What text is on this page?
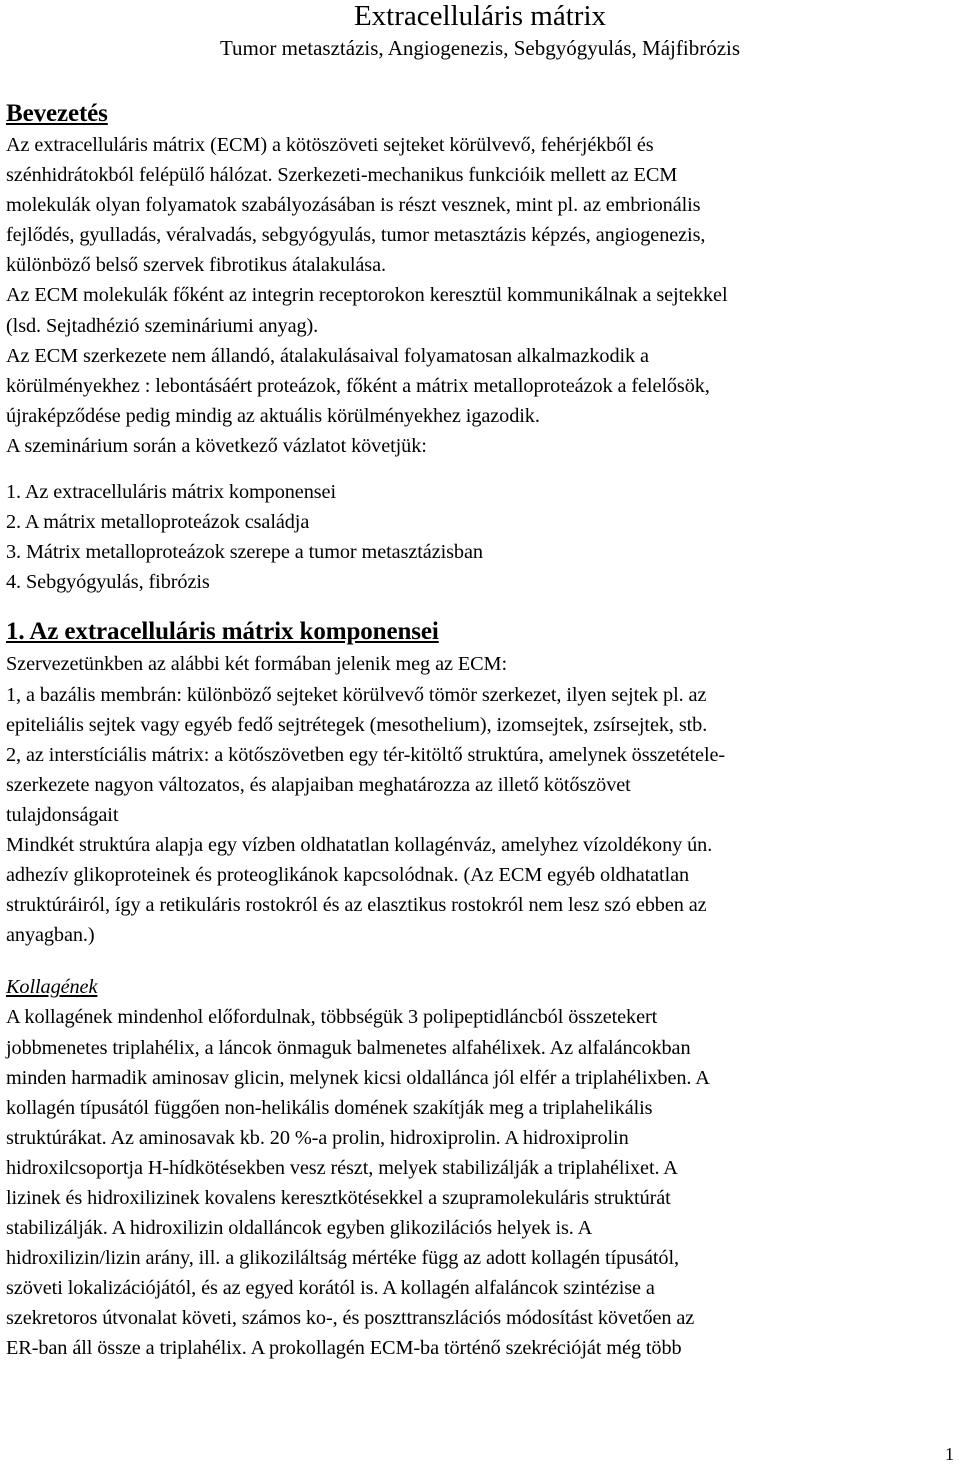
Extracelluláris mátrix
Tumor metasztázis, Angiogenezis, Sebgyógyulás, Májfibrózis
Bevezetés
Az extracelluláris mátrix (ECM) a kötöszöveti sejteket körülvevő, fehérjékből és
szénhidrátokból felépülő hálózat. Szerkezeti-mechanikus funkcióik mellett az ECM
molekulák olyan folyamatok szabályozásában is részt vesznek, mint pl. az embrionális
fejlődés, gyulladás, véralvadás, sebgyógyulás, tumor metasztázis képzés, angiogenezis,
különböző belső szervek fibrotikus átalakulása.
Az ECM molekulák főként az integrin receptorokon keresztül kommunikálnak a sejtekkel
(lsd. Sejtadhézió szemináriumi anyag).
Az ECM szerkezete nem állandó, átalakulásaival folyamatosan alkalmazkodik a
körülményekhez : lebontásáért proteázok, főként a mátrix metalloproteázok a felelősök,
újraképződése pedig mindig az aktuális körülményekhez igazodik.
A szeminárium során a következő vázlatot követjük:
1. Az extracelluláris mátrix komponensei
2. A mátrix metalloproteázok családja
3. Mátrix metalloproteázok szerepe a tumor metasztázisban
4. Sebgyógyulás, fibrózis
1. Az extracelluláris mátrix komponensei
Szervezetünkben az alábbi két formában jelenik meg az ECM:
1, a bazális membrán: különböző sejteket körülvevő tömör szerkezet, ilyen sejtek pl. az
epiteliális sejtek vagy egyéb fedő sejtrétegek (mesothelium), izomsejtek, zsírsejtek, stb.
2, az interstíciális mátrix: a kötőszövetben egy tér-kitöltő struktúra, amelynek összetétele-
szerkezete nagyon változatos, és alapjaiban meghatározza az illető kötőszövet
tulajdonságait
Mindkét struktúra alapja egy vízben oldhatatlan kollagénváz, amelyhez vízoldékony ún.
adhezív glikoproteinek és proteoglikánok kapcsolódnak. (Az ECM egyéb oldhatatlan
struktúráiról, így a retikuláris rostokról és az elasztikus rostokról nem lesz szó ebben az
anyagban.)
Kollagének
A kollagének mindenhol előfordulnak, többségük 3 polipeptidláncból összetekert
jobbmenetes triplahélix, a láncok önmaguk balmenetes alfahélixek. Az alfaláncokban
minden harmadik aminosav glicin, melynek kicsi oldallánca jól elfér a triplahélixben. A
kollagén típusától függően non-helikális domének szakítják meg a triplahelikális
struktúrákat. Az aminosavak kb. 20 %-a prolin, hidroxiprolin. A hidroxiprolin
hidroxilcsoportja H-hídkötésekben vesz részt, melyek stabilizálják a triplahélixet. A
lizinek és hidroxilizinek kovalens keresztkötésekkel a szupramolekuláris struktúrát
stabilizálják. A hidroxilizin oldalláncok egyben glikozilációs helyek is. A
hidroxilizin/lizin arány, ill. a glikoziláltság mértéke függ az adott kollagén típusától,
szöveti lokalizációjától, és az egyed korától is. A kollagén alfaláncok szintézise a
szekretoros útvonalat követi, számos ko-, és poszttranszlációs módosítást követően az
ER-ban áll össze a triplahélix. A prokollagén ECM-ba történő szekrécióját még több
1
